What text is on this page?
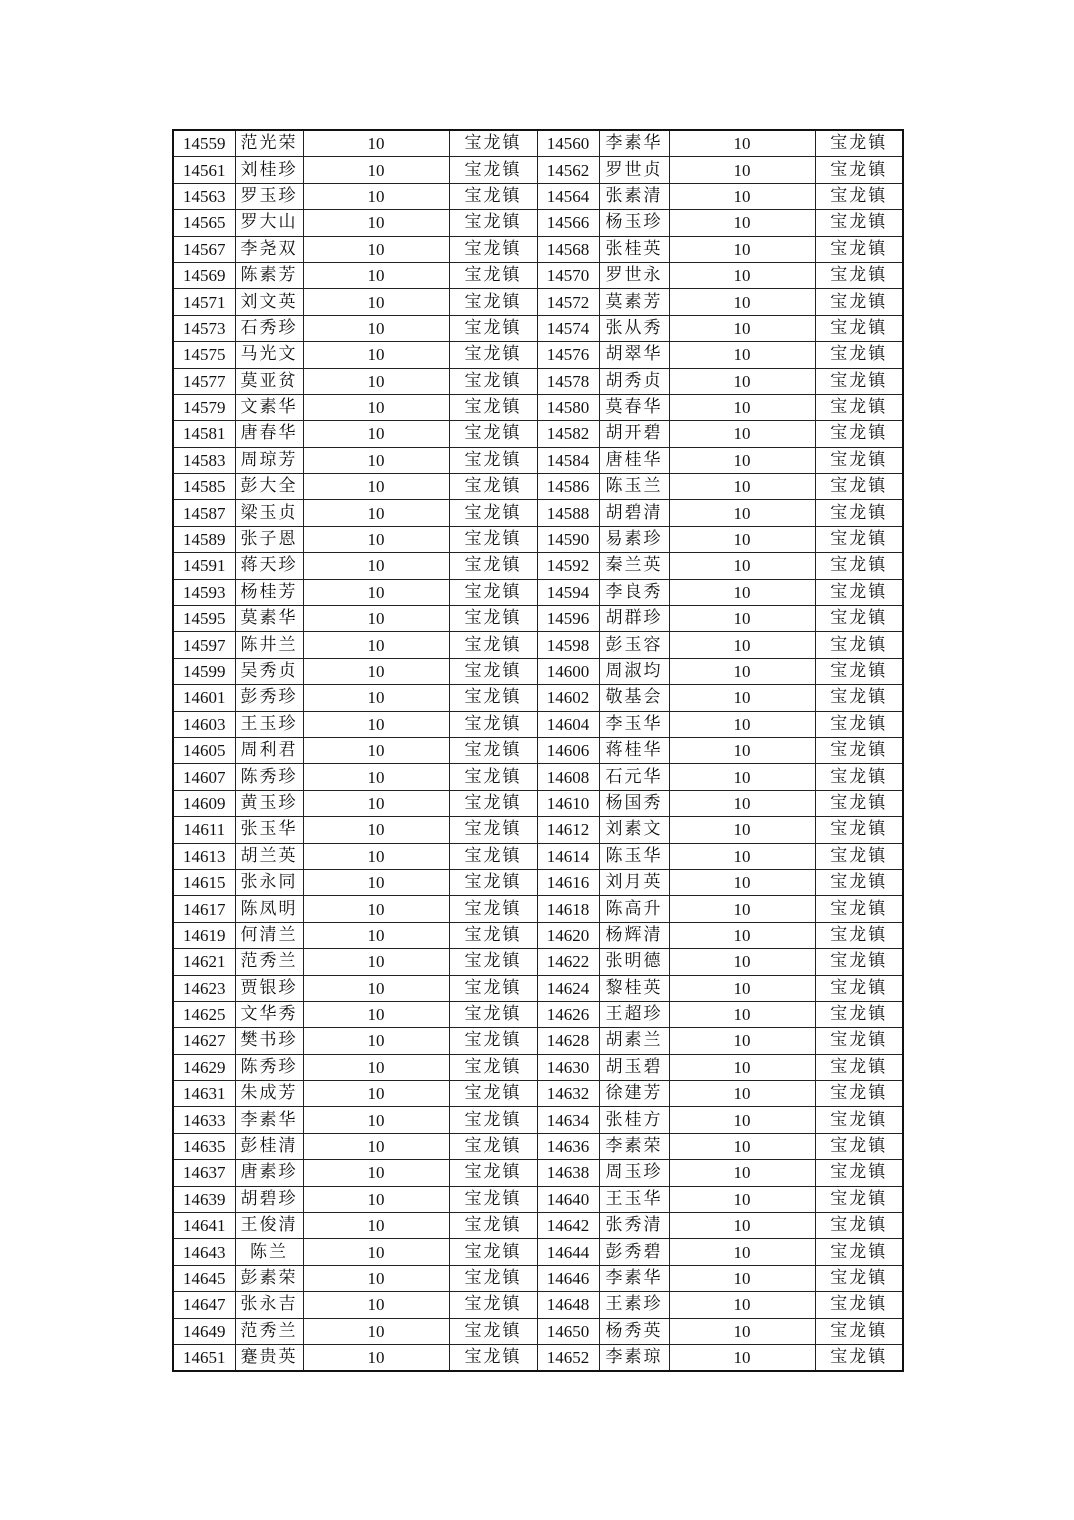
14559	范光荣	10	宝龙镇	14560	李素华	10	宝龙镇
14561	刘桂珍	10	宝龙镇	14562	罗世贞	10	宝龙镇
14563	罗玉珍	10	宝龙镇	14564	张素清	10	宝龙镇
14565	罗大山	10	宝龙镇	14566	杨玉珍	10	宝龙镇
14567	李尧双	10	宝龙镇	14568	张桂英	10	宝龙镇
14569	陈素芳	10	宝龙镇	14570	罗世永	10	宝龙镇
14571	刘文英	10	宝龙镇	14572	莫素芳	10	宝龙镇
14573	石秀珍	10	宝龙镇	14574	张从秀	10	宝龙镇
14575	马光文	10	宝龙镇	14576	胡翠华	10	宝龙镇
14577	莫亚贫	10	宝龙镇	14578	胡秀贞	10	宝龙镇
14579	文素华	10	宝龙镇	14580	莫春华	10	宝龙镇
14581	唐春华	10	宝龙镇	14582	胡开碧	10	宝龙镇
14583	周琼芳	10	宝龙镇	14584	唐桂华	10	宝龙镇
14585	彭大全	10	宝龙镇	14586	陈玉兰	10	宝龙镇
14587	梁玉贞	10	宝龙镇	14588	胡碧清	10	宝龙镇
14589	张子恩	10	宝龙镇	14590	易素珍	10	宝龙镇
14591	蒋天珍	10	宝龙镇	14592	秦兰英	10	宝龙镇
14593	杨桂芳	10	宝龙镇	14594	李良秀	10	宝龙镇
14595	莫素华	10	宝龙镇	14596	胡群珍	10	宝龙镇
14597	陈井兰	10	宝龙镇	14598	彭玉容	10	宝龙镇
14599	吴秀贞	10	宝龙镇	14600	周淑均	10	宝龙镇
14601	彭秀珍	10	宝龙镇	14602	敬基会	10	宝龙镇
14603	王玉珍	10	宝龙镇	14604	李玉华	10	宝龙镇
14605	周利君	10	宝龙镇	14606	蒋桂华	10	宝龙镇
14607	陈秀珍	10	宝龙镇	14608	石元华	10	宝龙镇
14609	黄玉珍	10	宝龙镇	14610	杨国秀	10	宝龙镇
14611	张玉华	10	宝龙镇	14612	刘素文	10	宝龙镇
14613	胡兰英	10	宝龙镇	14614	陈玉华	10	宝龙镇
14615	张永同	10	宝龙镇	14616	刘月英	10	宝龙镇
14617	陈凤明	10	宝龙镇	14618	陈高升	10	宝龙镇
14619	何清兰	10	宝龙镇	14620	杨辉清	10	宝龙镇
14621	范秀兰	10	宝龙镇	14622	张明德	10	宝龙镇
14623	贾银珍	10	宝龙镇	14624	黎桂英	10	宝龙镇
14625	文华秀	10	宝龙镇	14626	王超珍	10	宝龙镇
14627	樊书珍	10	宝龙镇	14628	胡素兰	10	宝龙镇
14629	陈秀珍	10	宝龙镇	14630	胡玉碧	10	宝龙镇
14631	朱成芳	10	宝龙镇	14632	徐建芳	10	宝龙镇
14633	李素华	10	宝龙镇	14634	张桂方	10	宝龙镇
14635	彭桂清	10	宝龙镇	14636	李素荣	10	宝龙镇
14637	唐素珍	10	宝龙镇	14638	周玉珍	10	宝龙镇
14639	胡碧珍	10	宝龙镇	14640	王玉华	10	宝龙镇
14641	王俊清	10	宝龙镇	14642	张秀清	10	宝龙镇
14643	陈兰	10	宝龙镇	14644	彭秀碧	10	宝龙镇
14645	彭素荣	10	宝龙镇	14646	李素华	10	宝龙镇
14647	张永吉	10	宝龙镇	14648	王素珍	10	宝龙镇
14649	范秀兰	10	宝龙镇	14650	杨秀英	10	宝龙镇
14651	蹇贵英	10	宝龙镇	14652	李素琼	10	宝龙镇
